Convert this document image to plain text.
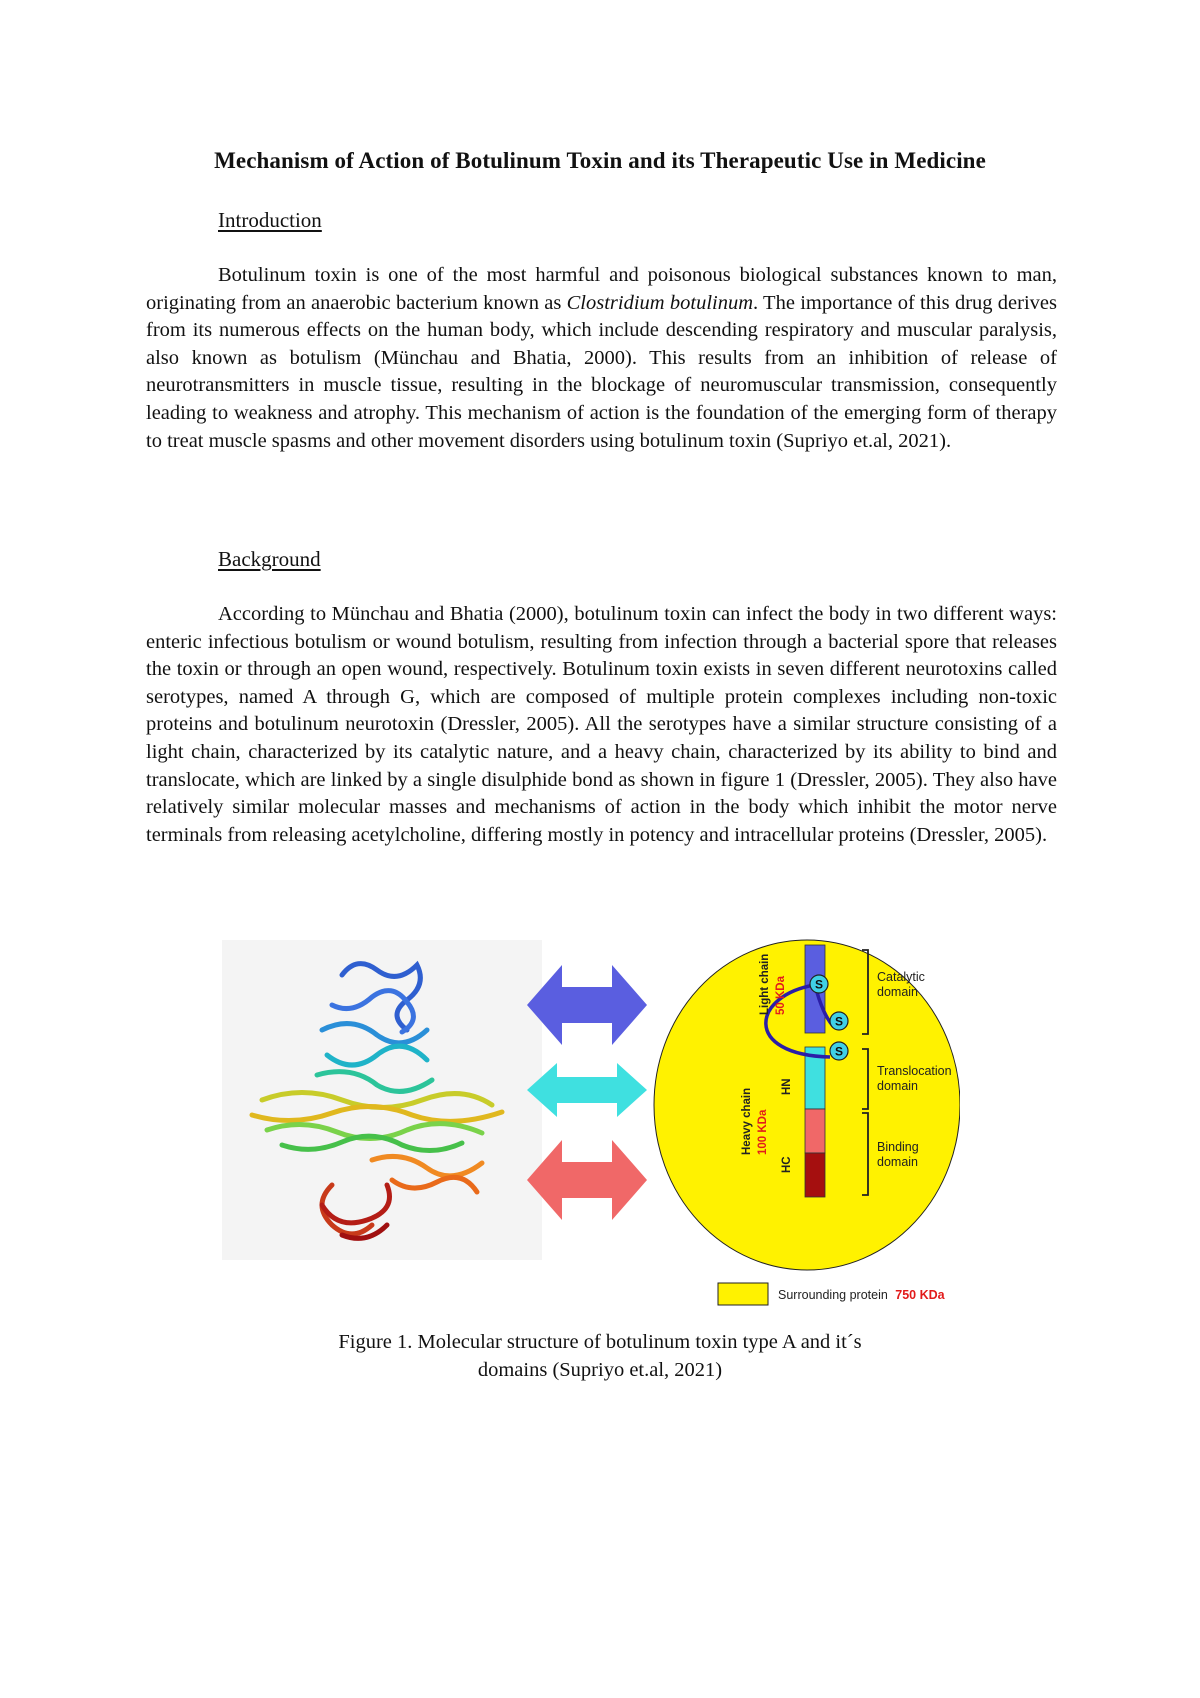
Mechanism of Action of Botulinum Toxin and its Therapeutic Use in Medicine
Introduction

Botulinum toxin is one of the most harmful and poisonous biological substances known to man, originating from an anaerobic bacterium known as Clostridium botulinum. The importance of this drug derives from its numerous effects on the human body, which include descending respiratory and muscular paralysis, also known as botulism (Münchau and Bhatia, 2000). This results from an inhibition of release of neurotransmitters in muscle tissue, resulting in the blockage of neuromuscular transmission, consequently leading to weakness and atrophy. This mechanism of action is the foundation of the emerging form of therapy to treat muscle spasms and other movement disorders using botulinum toxin (Supriyo et.al, 2021).

Background

According to Münchau and Bhatia (2000), botulinum toxin can infect the body in two different ways: enteric infectious botulism or wound botulism, resulting from infection through a bacterial spore that releases the toxin or through an open wound, respectively. Botulinum toxin exists in seven different neurotoxins called serotypes, named A through G, which are composed of multiple protein complexes including non-toxic proteins and botulinum neurotoxin (Dressler, 2005). All the serotypes have a similar structure consisting of a light chain, characterized by its catalytic nature, and a heavy chain, characterized by its ability to bind and translocate, which are linked by a single disulphide bond as shown in figure 1 (Dressler, 2005). They also have relatively similar molecular masses and mechanisms of action in the body which inhibit the motor nerve terminals from releasing acetylcholine, differing mostly in potency and intracellular proteins (Dressler, 2005).

S
S
S
Light chain 50 KDa
Heavy chain 100 KDa
HN
HC
Catalytic
domain
Translocation
domain
Binding
domain
Surrounding protein 750 KDa
Figure 1. Molecular structure of botulinum toxin type A and it´s
domains (Supriyo et.al, 2021)
